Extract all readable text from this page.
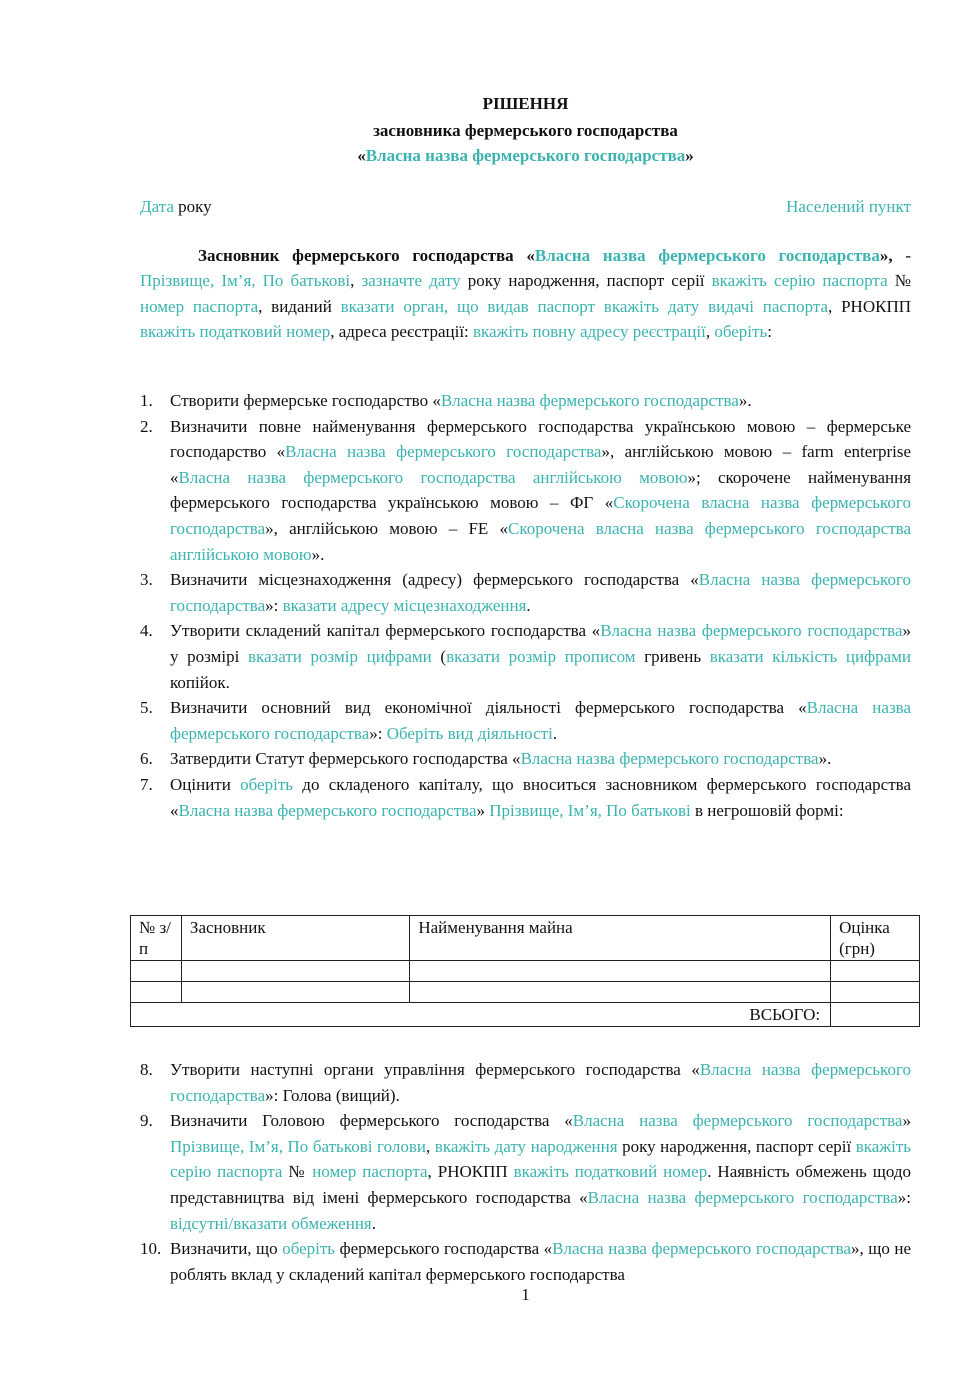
РІШЕННЯ
засновника фермерського господарства
«Власна назва фермерського господарства»
Дата року	Населений пункт

Засновник фермерського господарства «Власна назва фермерського господарства», - Прізвище, Ім’я, По батькові, зазначте дату року народження, паспорт серії вкажіть серію паспорта № номер паспорта, виданий вказати орган, що видав паспорт вкажіть дату видачі паспорта, РНОКПП вкажіть податковий номер, адреса реєстрації: вкажіть повну адресу реєстрації, оберіть:

1. Створити фермерське господарство «Власна назва фермерського господарства».
2. Визначити повне найменування фермерського господарства українською мовою – фермерське господарство «Власна назва фермерського господарства», англійською мовою – farm enterprise «Власна назва фермерського господарства англійською мовою»; скорочене найменування фермерського господарства українською мовою – ФГ «Скорочена власна назва фермерського господарства», англійською мовою – FE «Скорочена власна назва фермерського господарства англійською мовою».
3. Визначити місцезнаходження (адресу) фермерського господарства «Власна назва фермерського господарства»: вказати адресу місцезнаходження.
4. Утворити складений капітал фермерського господарства «Власна назва фермерського господарства» у розмірі вказати розмір цифрами (вказати розмір прописом гривень вказати кількість цифрами копійок.
5. Визначити основний вид економічної діяльності фермерського господарства «Власна назва фермерського господарства»: Оберіть вид діяльності.
6. Затвердити Статут фермерського господарства «Власна назва фермерського господарства».
7. Оцінити оберіть до складеного капіталу, що вноситься засновником фермерського господарства «Власна назва фермерського господарства» Прізвище, Ім’я, По батькові в негрошовій формі:
№ з/п	Засновник	Найменування майна	Оцінка (грн)

ВСЬОГО:			
8. Утворити наступні органи управління фермерського господарства «Власна назва фермерського господарства»: Голова (вищий).
9. Визначити Головою фермерського господарства «Власна назва фермерського господарства» Прізвище, Ім’я, По батькові голови, вкажіть дату народження року народження, паспорт серії вкажіть серію паспорта № номер паспорта, РНОКПП вкажіть податковий номер. Наявність обмежень щодо представництва від імені фермерського господарства «Власна назва фермерського господарства»: відсутні/вказати обмеження.
10. Визначити, що оберіть фермерського господарства «Власна назва фермерського господарства», що не роблять вклад у складений капітал фермерського господарства
1
